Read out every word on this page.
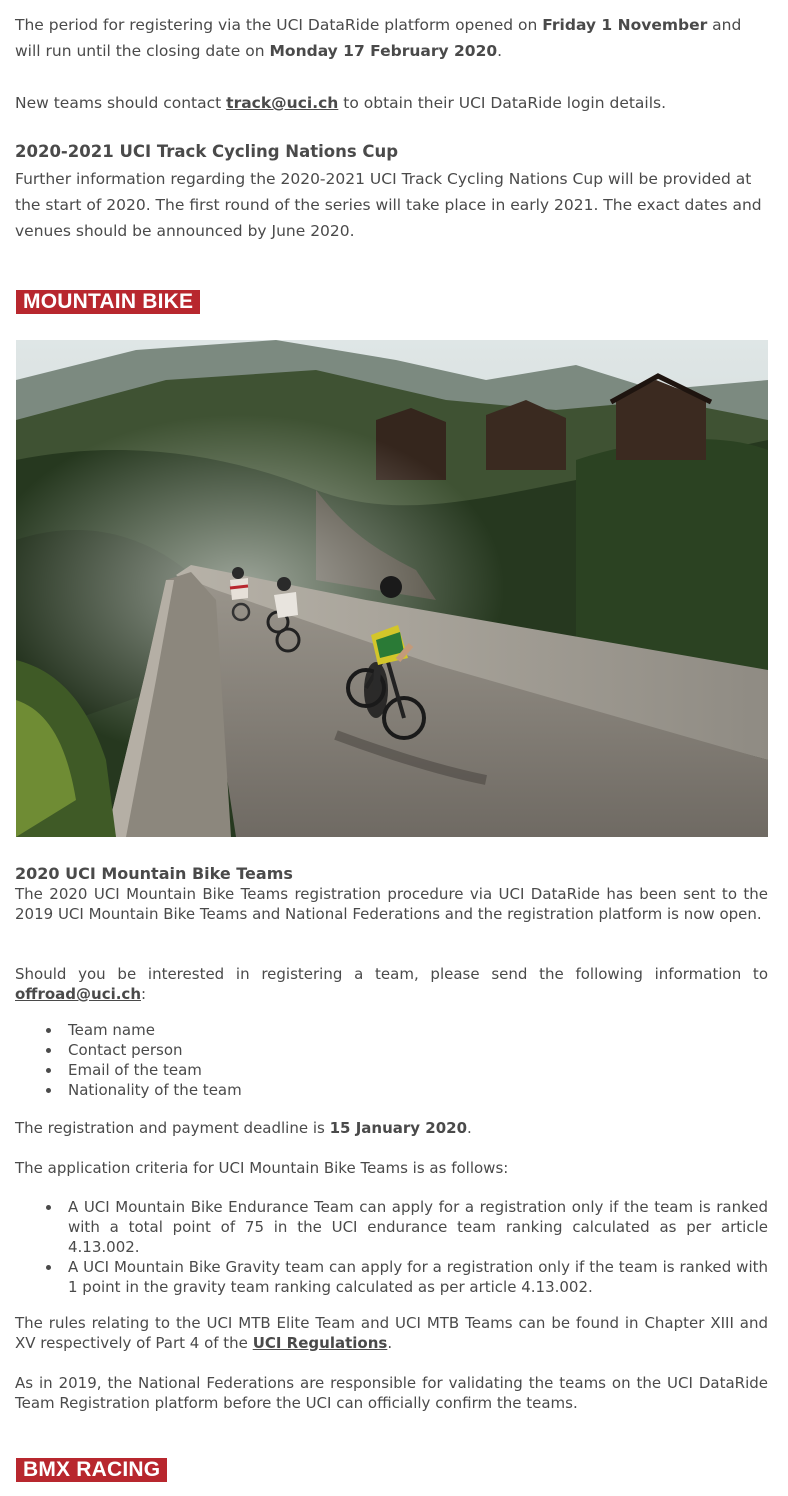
The period for registering via the UCI DataRide platform opened on Friday 1 November and will run until the closing date on Monday 17 February 2020.

New teams should contact track@uci.ch to obtain their UCI DataRide login details.

2020-2021 UCI Track Cycling Nations Cup

Further information regarding the 2020-2021 UCI Track Cycling Nations Cup will be provided at the start of 2020. The first round of the series will take place in early 2021. The exact dates and venues should be announced by June 2020.

MOUNTAIN BIKE
2020 UCI Mountain Bike Teams

The 2020 UCI Mountain Bike Teams registration procedure via UCI DataRide has been sent to the 2019 UCI Mountain Bike Teams and National Federations and the registration platform is now open.

Should you be interested in registering a team, please send the following information to offroad@uci.ch:

Team name
Contact person
Email of the team
Nationality of the team

The registration and payment deadline is 15 January 2020.

The application criteria for UCI Mountain Bike Teams is as follows:

A UCI Mountain Bike Endurance Team can apply for a registration only if the team is ranked with a total point of 75 in the UCI endurance team ranking calculated as per article 4.13.002.
A UCI Mountain Bike Gravity team can apply for a registration only if the team is ranked with 1 point in the gravity team ranking calculated as per article 4.13.002.

The rules relating to the UCI MTB Elite Team and UCI MTB Teams can be found in Chapter XIII and XV respectively of Part 4 of the UCI Regulations.

As in 2019, the National Federations are responsible for validating the teams on the UCI DataRide Team Registration platform before the UCI can officially confirm the teams.

BMX RACING
